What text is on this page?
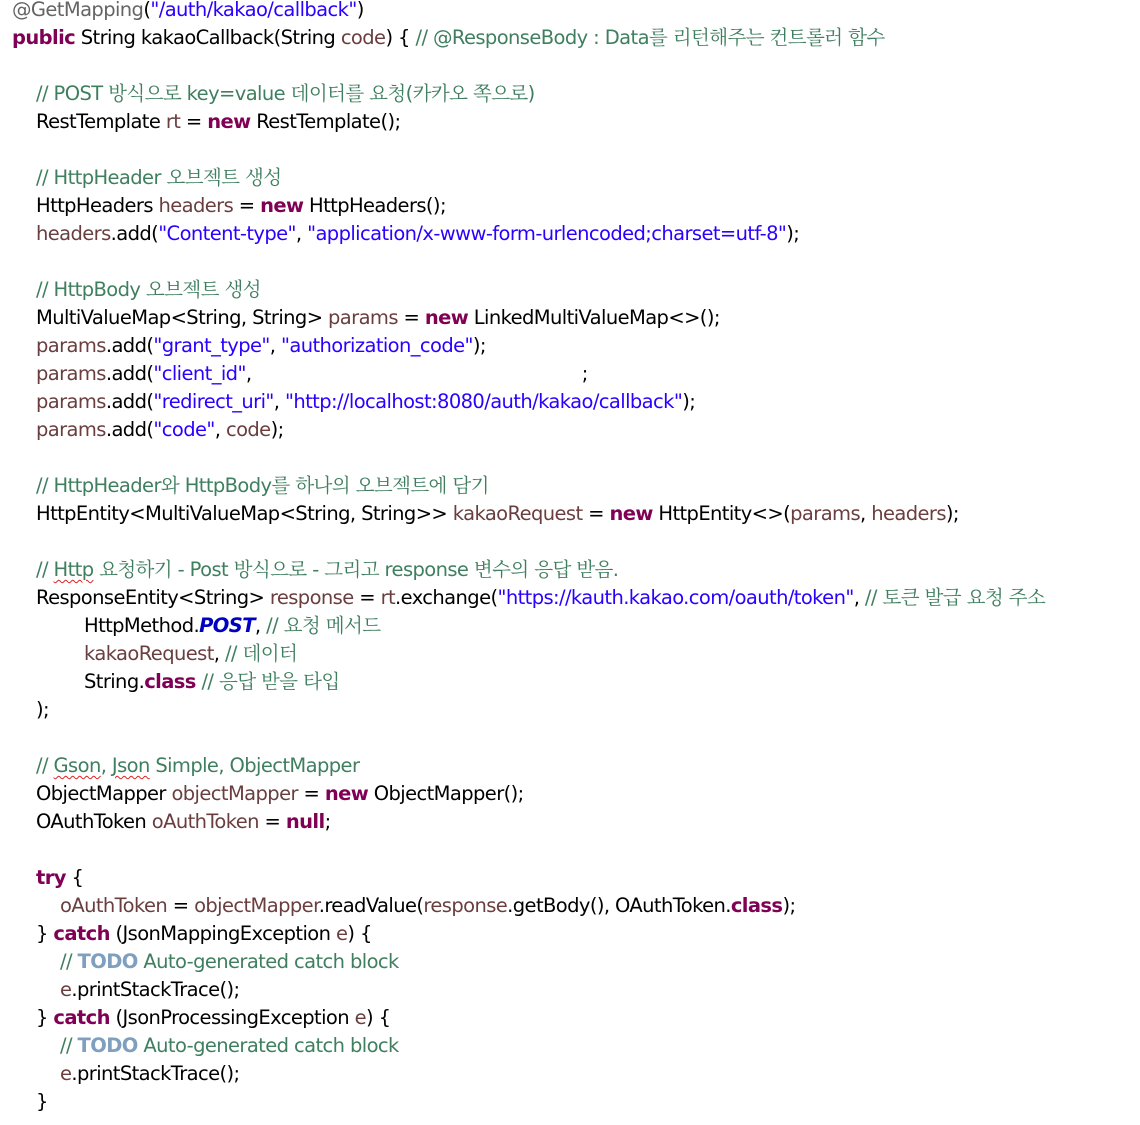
@GetMapping("/auth/kakao/callback")
public String kakaoCallback(String code) { // @ResponseBody : Data를 리턴해주는 컨트롤러 함수
// POST 방식으로 key=value 데이터를 요청(카카오 쪽으로)
RestTemplate rt = new RestTemplate();
// HttpHeader 오브젝트 생성
HttpHeaders headers = new HttpHeaders();
headers.add("Content-type", "application/x-www-form-urlencoded;charset=utf-8");
// HttpBody 오브젝트 생성
MultiValueMap<String, String> params = new LinkedMultiValueMap<>();
params.add("grant_type", "authorization_code");
params.add("client_id",                                                           ;
params.add("redirect_uri", "http://localhost:8080/auth/kakao/callback");
params.add("code", code);
// HttpHeader와 HttpBody를 하나의 오브젝트에 담기
HttpEntity<MultiValueMap<String, String>> kakaoRequest = new HttpEntity<>(params, headers);
// Http 요청하기 - Post 방식으로 - 그리고 response 변수의 응답 받음.
ResponseEntity<String> response = rt.exchange("https://kauth.kakao.com/oauth/token", // 토큰 발급 요청 주소
HttpMethod.POST, // 요청 메서드
kakaoRequest, // 데이터
String.class // 응답 받을 타입
);
// Gson, Json Simple, ObjectMapper
ObjectMapper objectMapper = new ObjectMapper();
OAuthToken oAuthToken = null;
try {
oAuthToken = objectMapper.readValue(response.getBody(), OAuthToken.class);
} catch (JsonMappingException e) {
// TODO Auto-generated catch block
e.printStackTrace();
} catch (JsonProcessingException e) {
// TODO Auto-generated catch block
e.printStackTrace();
}
